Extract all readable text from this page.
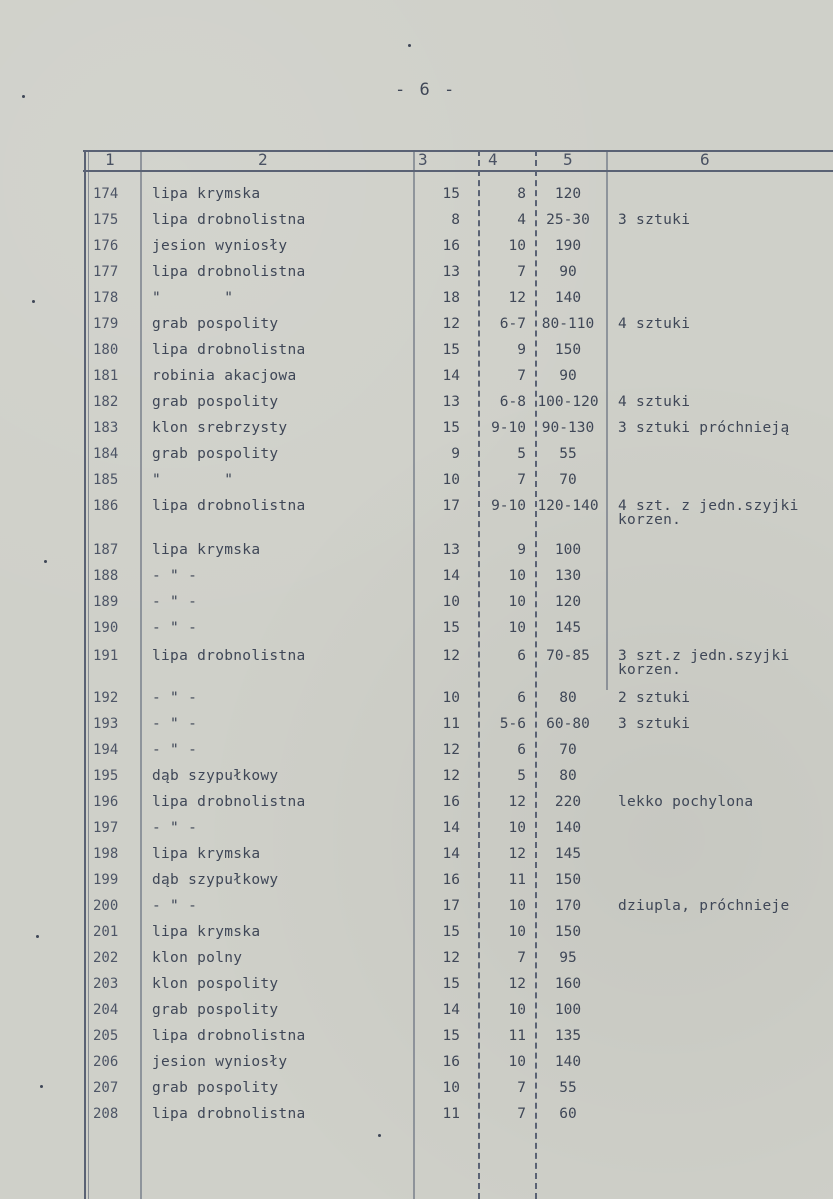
- 6 -
1	2	3	4	5	6
174 lipa krymska	15	8	120
175 lipa drobnolistna	8	4	25-30	3 sztuki
176 jesion wyniosły	16	10	190
177 lipa drobnolistna	13	7	90
178 "       "	18	12	140
179 grab pospolity	12	6-7	80-110	4 sztuki
180 lipa drobnolistna	15	9	150
181 robinia akacjowa	14	7	90
182 grab pospolity	13	6-8 100-120	4 sztuki
183 klon srebrzysty	15	9-10	90-130	3 sztuki próchnieją
184 grab pospolity	9	5	55
185 "       "	10	7	70
186 lipa drobnolistna	17	9-10 120-140	4 szt. z jedn.szyjki
korzen.
187 lipa krymska	13	9	100
188 - " -	14	10	130
189 - " -	10	10	120
190 - " -	15	10	145
191 lipa drobnolistna	12	6	70-85	3 szt.z jedn.szyjki
korzen.
192 - " -	10	6	80	2 sztuki
193 - " -	11	5-6	60-80	3 sztuki
194 - " -	12	6	70
195 dąb szypułkowy	12	5	80
196 lipa drobnolistna	16	12	220	lekko pochylona
197 - " -	14	10	140
198 lipa krymska	14	12	145
199 dąb szypułkowy	16	11	150
200 - " -	17	10	170	dziupla, próchnieje
201 lipa krymska	15	10	150
202 klon polny	12	7	95
203 klon pospolity	15	12	160
204 grab pospolity	14	10	100
205 lipa drobnolistna	15	11	135
206 jesion wyniosły	16	10	140
207 grab pospolity	10	7	55
208 lipa drobnolistna	11	7	60
